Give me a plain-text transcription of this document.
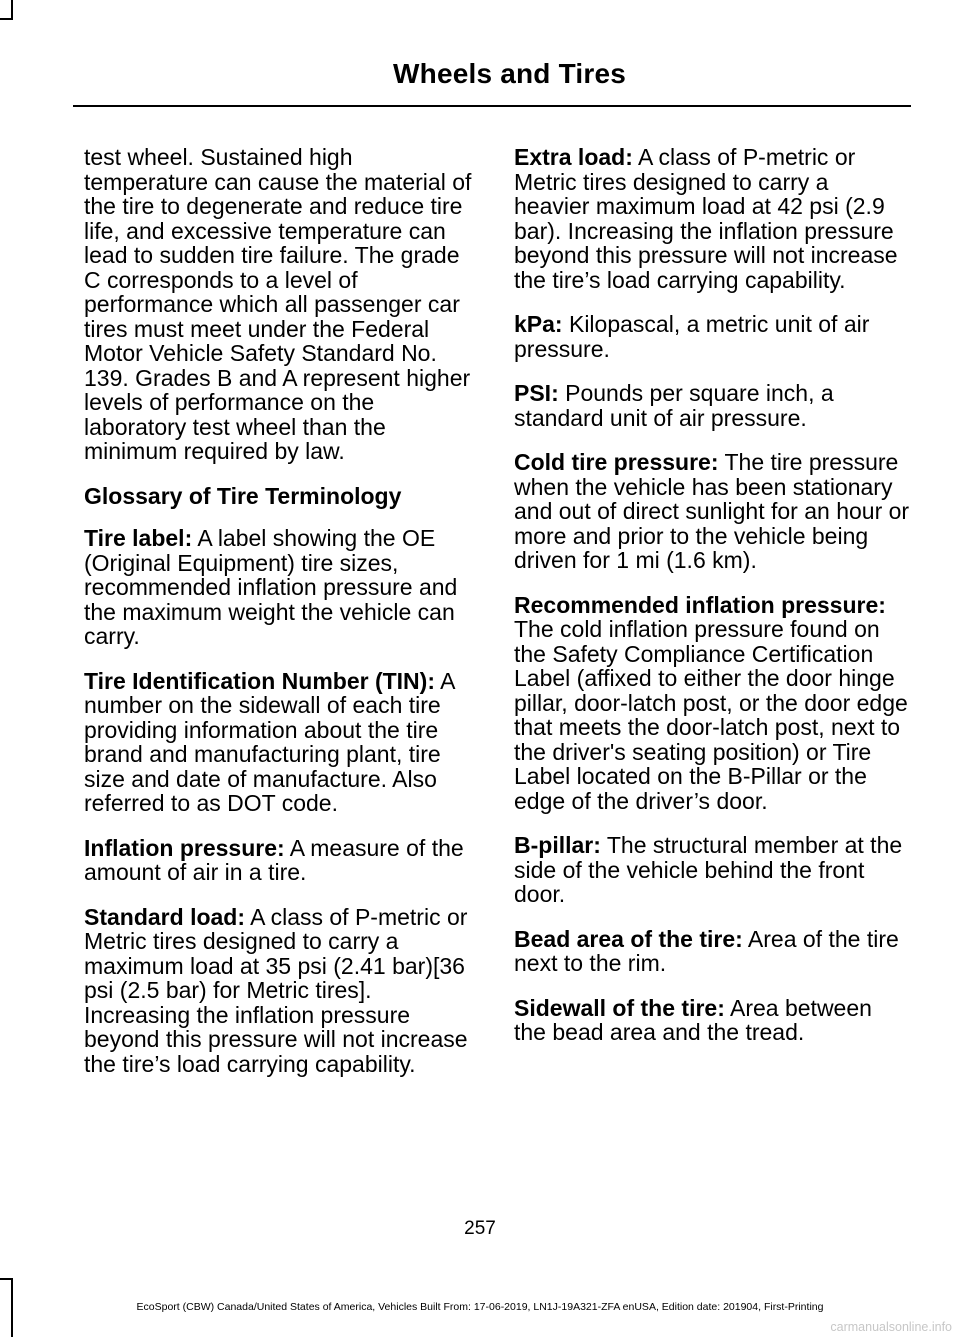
Wheels and Tires

test wheel. Sustained high temperature can cause the material of the tire to degenerate and reduce tire life, and excessive temperature can lead to sudden tire failure. The grade C corresponds to a level of performance which all passenger car tires must meet under the Federal Motor Vehicle Safety Standard No. 139. Grades B and A represent higher levels of performance on the laboratory test wheel than the minimum required by law.

Glossary of Tire Terminology

Tire label: A label showing the OE (Original Equipment) tire sizes, recommended inflation pressure and the maximum weight the vehicle can carry.

Tire Identification Number (TIN): A number on the sidewall of each tire providing information about the tire brand and manufacturing plant, tire size and date of manufacture. Also referred to as DOT code.

Inflation pressure: A measure of the amount of air in a tire.

Standard load: A class of P-metric or Metric tires designed to carry a maximum load at 35 psi (2.41 bar)[36 psi (2.5 bar) for Metric tires]. Increasing the inflation pressure beyond this pressure will not increase the tire’s load carrying capability.

Extra load: A class of P-metric or Metric tires designed to carry a heavier maximum load at 42 psi (2.9 bar). Increasing the inflation pressure beyond this pressure will not increase the tire’s load carrying capability.

kPa: Kilopascal, a metric unit of air pressure.

PSI: Pounds per square inch, a standard unit of air pressure.

Cold tire pressure: The tire pressure when the vehicle has been stationary and out of direct sunlight for an hour or more and prior to the vehicle being driven for 1 mi (1.6 km).

Recommended inflation pressure: The cold inflation pressure found on the Safety Compliance Certification Label (affixed to either the door hinge pillar, door-latch post, or the door edge that meets the door-latch post, next to the driver's seating position) or Tire Label located on the B-Pillar or the edge of the driver’s door.

B-pillar: The structural member at the side of the vehicle behind the front door.

Bead area of the tire: Area of the tire next to the rim.

Sidewall of the tire: Area between the bead area and the tread.

257
EcoSport (CBW) Canada/United States of America, Vehicles Built From: 17-06-2019, LN1J-19A321-ZFA enUSA, Edition date: 201904, First-Printing
carmanualsonline.info
